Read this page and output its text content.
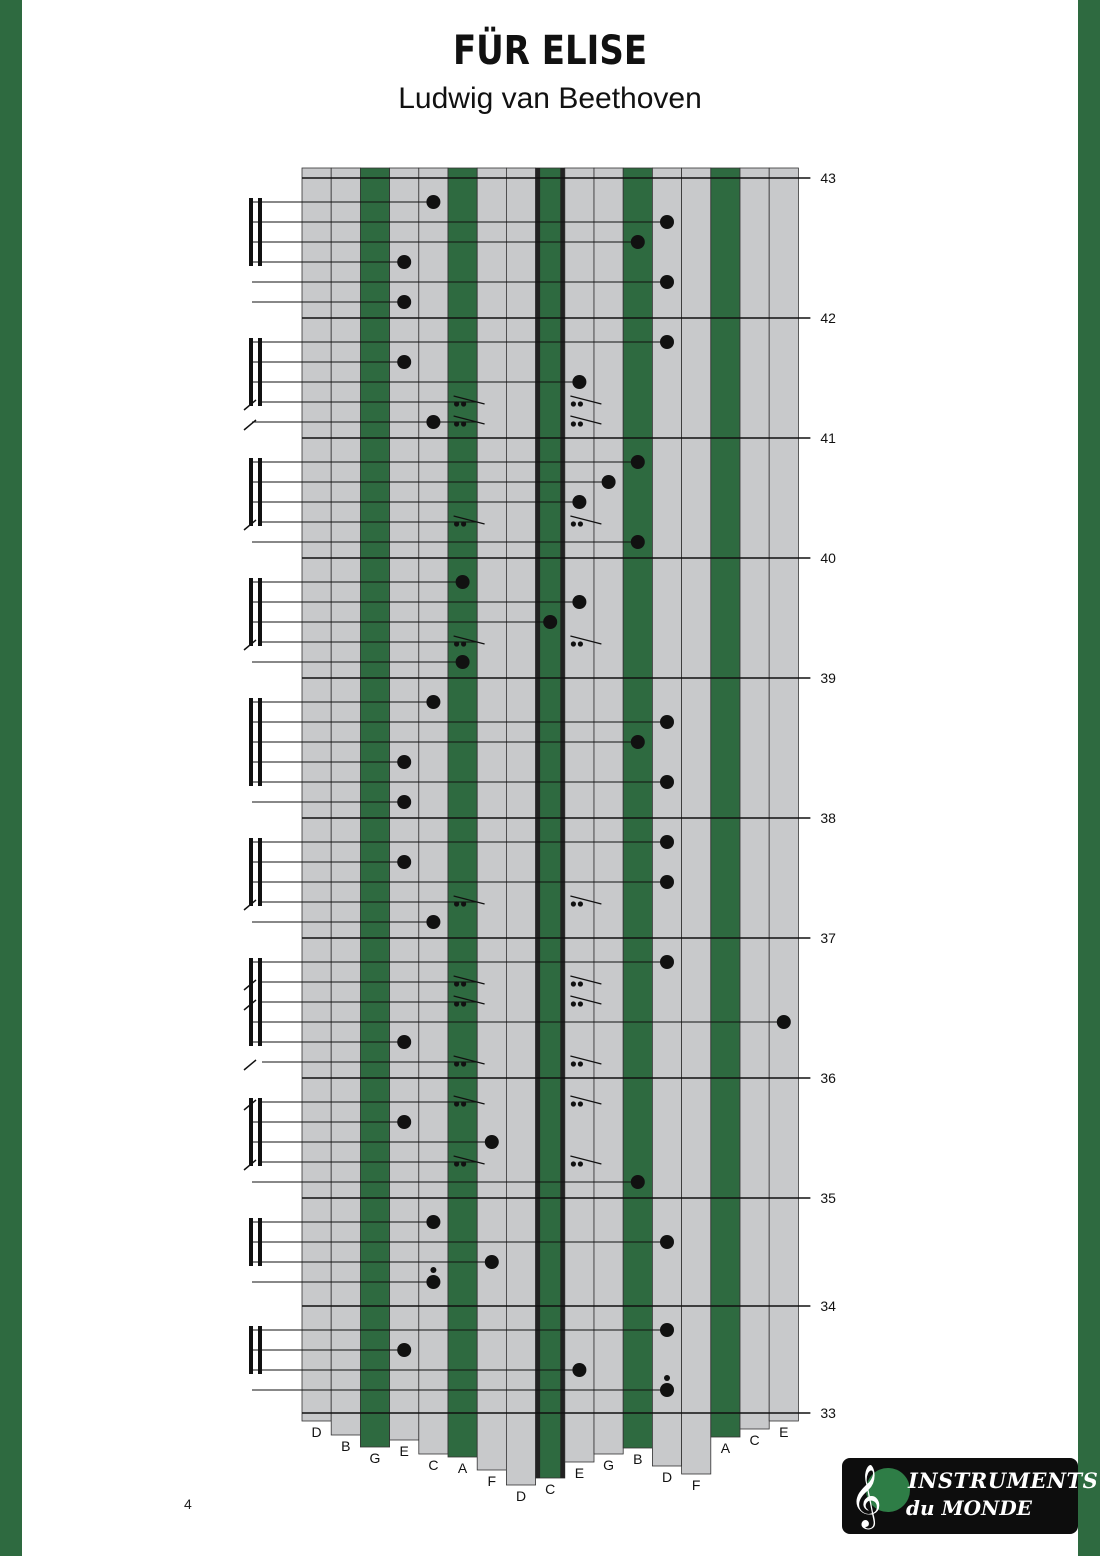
FÜR ELISE
Ludwig van Beethoven
D
B
G E
C A
F
D C
E G B
D F
A C E
43
42
41
40
39
38
37
36
35
34
33
4	𝄞 INSTRUMENTS
du MONDE
